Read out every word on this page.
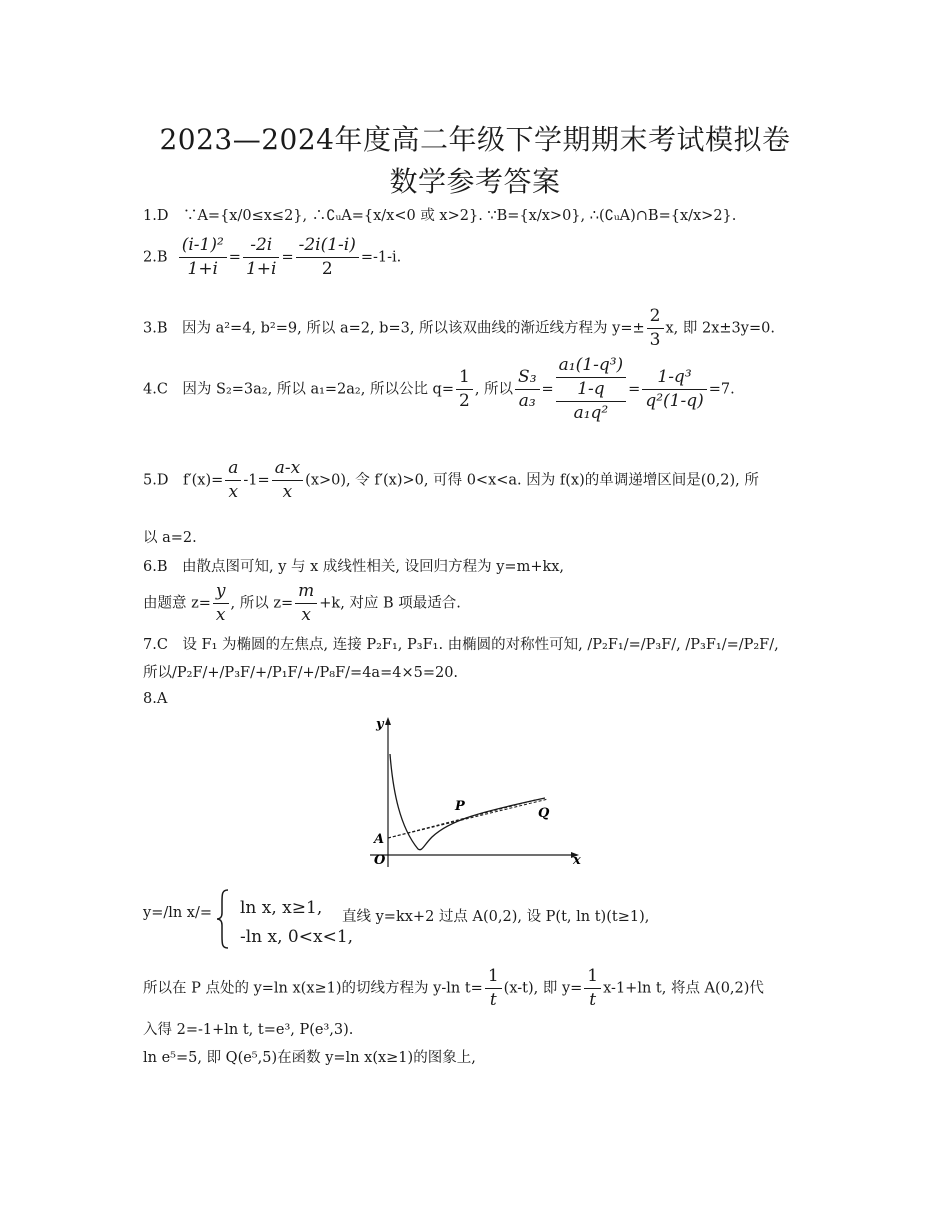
2023—2024年度高二年级下学期期末考试模拟卷
数学参考答案
1.D　∵A={x/0≤x≤2}, ∴∁ᵤA={x/x<0 或 x>2}. ∵B={x/x>0}, ∴(∁ᵤA)∩B={x/x>2}.
$2.B \frac{\text{(i-1)²}}{1+i} = \frac{-2i}{1+i} = \frac{-2i(1-i)}{2} =-1-i$.
3.B　因为 a²=4, b²=9, 所以 a=2, b=3, 所以该双曲线的渐近线方程为 $y=\pm \frac{2}{3} x$, 即 2x±3y=0.
4.C　因为 S₂=3a₂, 所以 a₁=2a₂, 所以公比 $q= \frac{1}{2}$ , 所以 $\frac{\text{S₃}}{\text{a₃}}$ =
a₁(1-q³)
1-q
a₁q²
= $\frac{\text{1-q³}}{\text{q²(1-q)}} =7$.
5.D　$f'(x)= \frac{a}{x} -1= \frac{a-x}{x} (x>0)$, 令 f′(x)>0, 可得 0<x<a. 因为 f(x)的单调递增区间是(0,2), 所
以 a=2.
6.B　由散点图可知, y 与 x 成线性相关, 设回归方程为 y=m+kx,
由题意 $z= \frac{y}{x}$ , 所以 $z= \frac{m}{x} +k$, 对应 B 项最适合.
7.C　设 F₁ 为椭圆的左焦点, 连接 P₂F₁, P₃F₁. 由椭圆的对称性可知, /P₂F₁/=/P₃F/, /P₃F₁/=/P₂F/,
所以/P₂F/+/P₃F/+/P₁F/+/P₈F/=4a=4×5=20.
8.A
y
x
O
A
P	Q
y=/ln x/= ln x, x≥1,
-ln x, 0<x<1,
直线 y=kx+2 过点 A(0,2), 设 P(t, ln t)(t≥1),
所以在 P 点处的 y=ln x(x≥1)的切线方程为 y-ln $t= \frac{1}{t} (x-t)$, 即 $y= \frac{1}{t} x-1+\ln$ t, 将点 A(0,2)代
入得 2=-1+ln t, t=e³, P(e³,3).
ln e⁵=5, 即 Q(e⁵,5)在函数 y=ln x(x≥1)的图象上,
